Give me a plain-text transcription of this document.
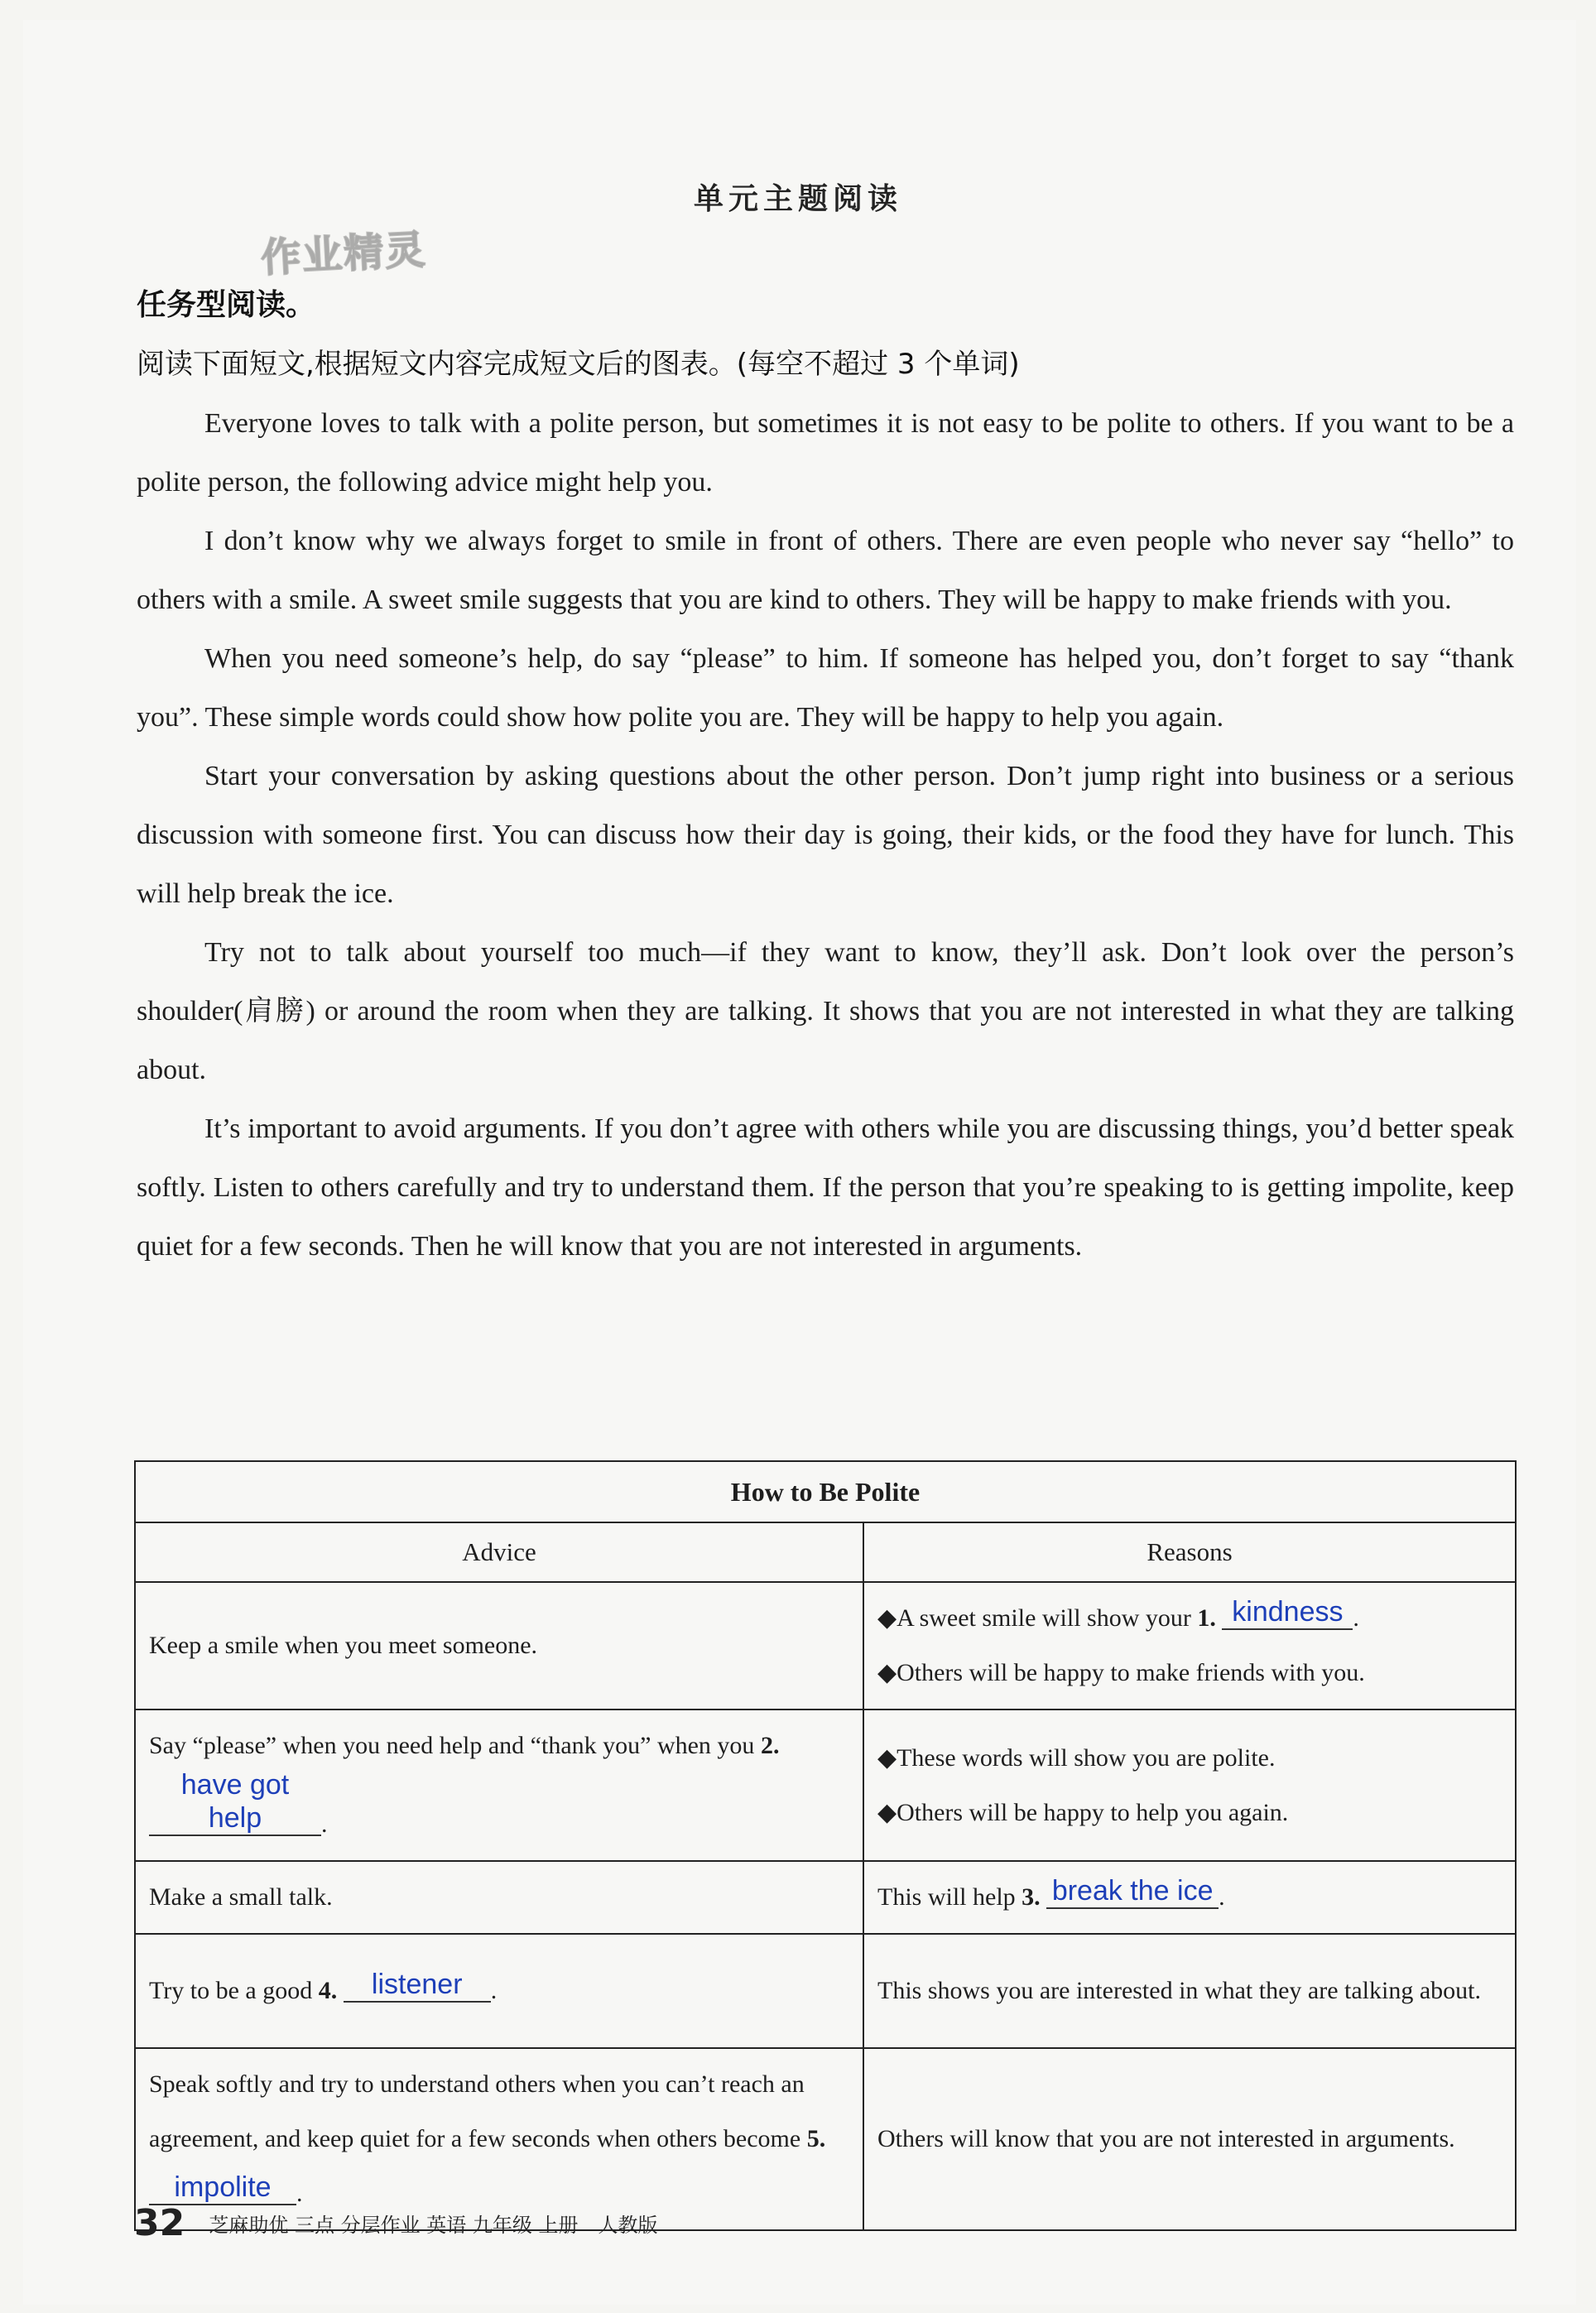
单元主题阅读
作业精灵
任务型阅读。
阅读下面短文,根据短文内容完成短文后的图表。(每空不超过 3 个单词)

Everyone loves to talk with a polite person, but sometimes it is not easy to be polite to others. If you want to be a polite person, the following advice might help you.

I don’t know why we always forget to smile in front of others. There are even people who never say “hello” to others with a smile. A sweet smile suggests that you are kind to others. They will be happy to make friends with you.

When you need someone’s help, do say “please” to him. If someone has helped you, don’t forget to say “thank you”. These simple words could show how polite you are. They will be happy to help you again.

Start your conversation by asking questions about the other person. Don’t jump right into business or a serious discussion with someone first. You can discuss how their day is going, their kids, or the food they have for lunch. This will help break the ice.

Try not to talk about yourself too much—if they want to know, they’ll ask. Don’t look over the person’s shoulder(肩膀) or around the room when they are talking. It shows that you are not interested in what they are talking about.

It’s important to avoid arguments. If you don’t agree with others while you are discussing things, you’d better speak softly. Listen to others carefully and try to understand them. If the person that you’re speaking to is getting impolite, keep quiet for a few seconds. Then he will know that you are not interested in arguments.

How to Be Polite	
Advice	Reasons
Keep a smile when you meet someone.	◆A sweet smile will show your 1. kindness .
◆Others will be happy to make friends with you.

Say “please” when you need help and “thank you” when you 2. have got help .	◆These words will show you are polite.
◆Others will be happy to help you again.

Make a small talk.	This will help 3. break the ice .
Try to be a good 4. listener .	This shows you are interested in what they are talking about.
Speak softly and try to understand others when you can’t reach an agreement, and keep quiet for a few seconds when others become 5. impolite .	Others will know that you are not interested in arguments.
32 芝麻助优 三点 分层作业 英语 九年级 上册　人教版
